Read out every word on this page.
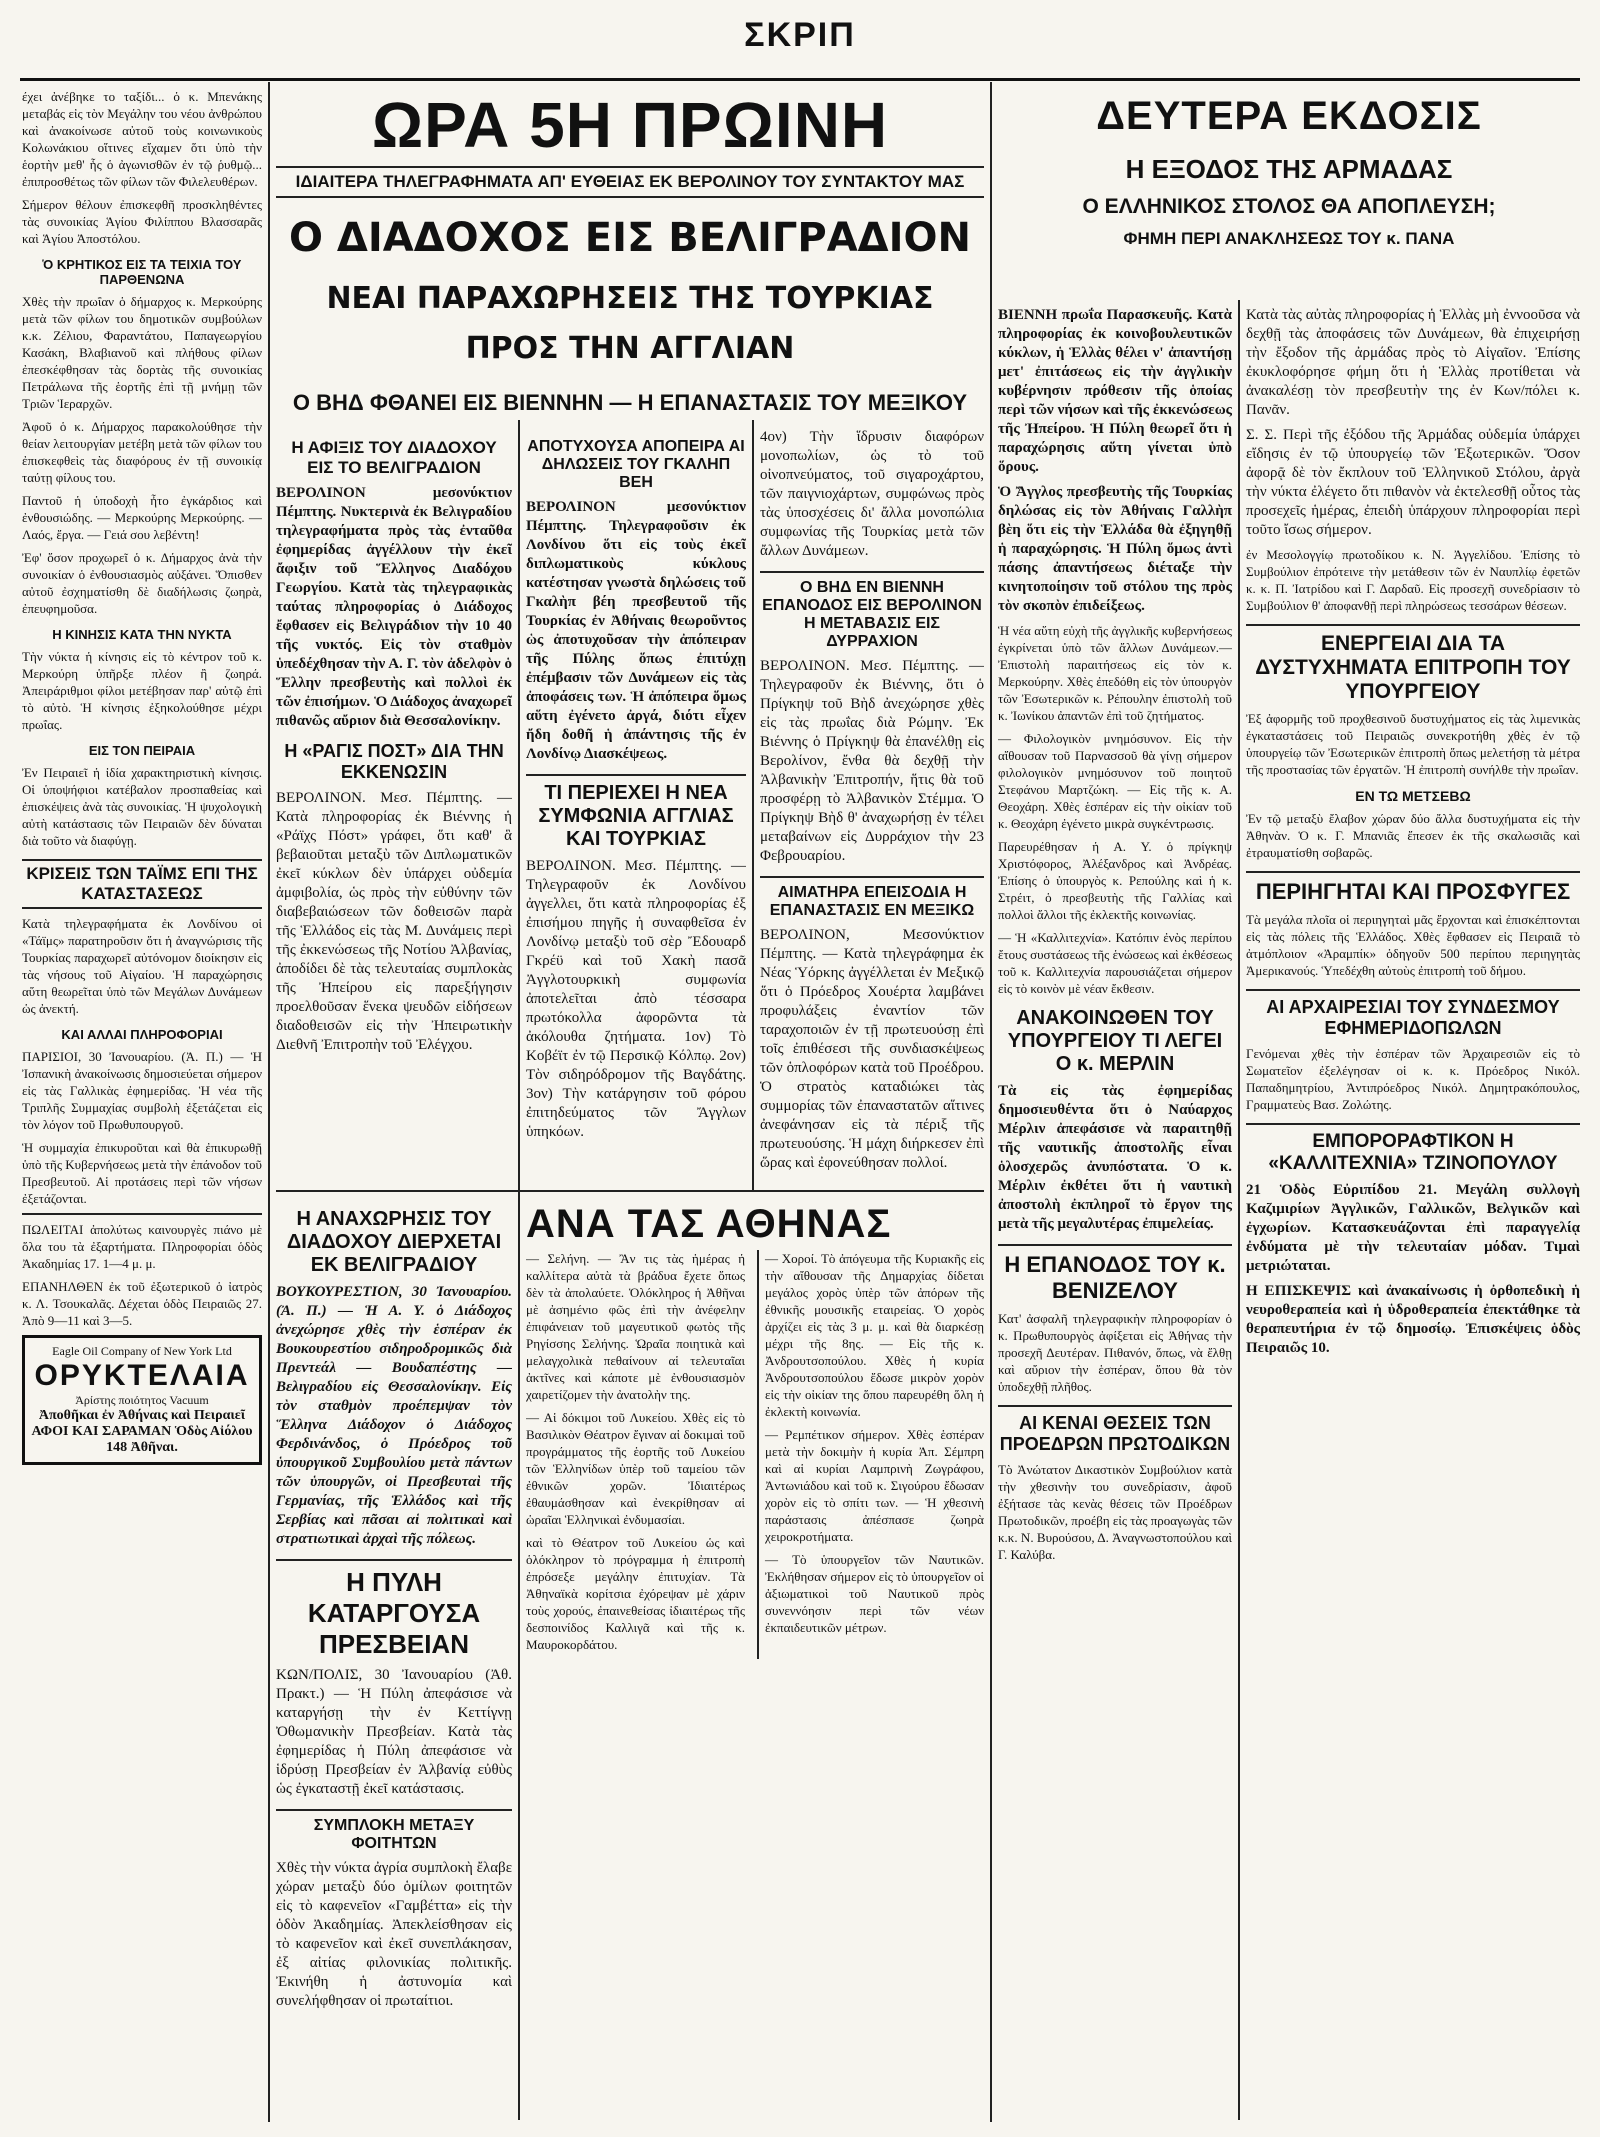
ΣΚΡΙΠ

έχει ἀνέβηκε το ταξίδι... ὁ κ. Μπενάκης μεταβάς εἰς τὸν Μεγάλην του νέου ἀνθρώπου καὶ ἀνακοίνωσε αὐτοῦ τοὺς κοινωνικοὺς Κολωνάκιου οἵτινες εἴχαμεν ὅτι ὑπὸ τὴν ἑορτὴν μεθ' ἧς ὁ ἀγωνισθῶν ἐν τῷ ῥυθμῷ... ἐπιπροσθέτως τῶν φίλων τῶν Φιλελευθέρων.

Σήμερον θέλουν ἐπισκεφθῆ προσκληθέντες τὰς συνοικίας Ἁγίου Φιλίππου Βλασσαρᾶς καὶ Ἁγίου Ἀποστόλου.

Ὁ ΚΡΗΤΙΚΟΣ ΕΙΣ ΤΑ ΤΕΙΧΙΑ ΤΟΥ ΠΑΡΘΕΝΩΝΑ

Χθὲς τὴν πρωΐαν ὁ δήμαρχος κ. Μερκούρης μετὰ τῶν φίλων του δημοτικῶν συμβούλων κ.κ. Ζέλιου, Φαραντάτου, Παπαγεωργίου Κασάκη, Βλαβιανοῦ καὶ πλήθους φίλων ἐπεσκέφθησαν τὰς δορτὰς τῆς συνοικίας Πετράλωνα τῆς ἑορτῆς ἐπὶ τῇ μνήμῃ τῶν Τριῶν Ἱεραρχῶν.

Ἀφοῦ ὁ κ. Δήμαρχος παρακολούθησε τὴν θείαν λειτουργίαν μετέβη μετὰ τῶν φίλων του ἐπισκεφθεὶς τὰς διαφόρους ἐν τῇ συνοικίᾳ ταύτῃ φίλους του.

Παντοῦ ἡ ὑποδοχὴ ἦτο ἐγκάρδιος καὶ ἐνθουσιώδης. — Μερκούρης Μερκούρης. — Λαός, ἔργα. — Γειά σου λεβέντη!

Ἐφ' ὅσον προχωρεῖ ὁ κ. Δήμαρχος ἀνὰ τὴν συνοικίαν ὁ ἐνθουσιασμὸς αὐξάνει. Ὅπισθεν αὐτοῦ ἐσχηματίσθη δὲ διαδήλωσις ζωηρὰ, ἐπευφημοῦσα.

Η ΚΙΝΗΣΙΣ ΚΑΤΑ ΤΗΝ ΝΥΚΤΑ

Τὴν νύκτα ἡ κίνησις εἰς τὸ κέντρον τοῦ κ. Μερκούρη ὑπῆρξε πλέον ἢ ζωηρά. Ἀπειράριθμοι φίλοι μετέβησαν παρ' αὐτῷ ἐπὶ τὸ αὐτὸ. Ἡ κίνησις ἐξηκολούθησε μέχρι πρωΐας.

ΕΙΣ ΤΟΝ ΠΕΙΡΑΙΑ

Ἐν Πειραιεῖ ἡ ἰδία χαρακτηριστικὴ κίνησις. Οἱ ὑποψήφιοι κατέβαλον προσπαθείας καὶ ἐπισκέψεις ἀνὰ τὰς συνοικίας. Ἡ ψυχολογικὴ αὐτὴ κατάστασις τῶν Πειραιῶν δὲν δύναται διὰ τοῦτο νὰ διαφύγῃ.

ΚΡΙΣΕΙΣ ΤΩΝ ΤΑΪΜΣ ΕΠΙ ΤΗΣ ΚΑΤΑΣΤΑΣΕΩΣ

Κατὰ τηλεγραφήματα ἐκ Λονδίνου οἱ «Τάϊμς» παρατηροῦσιν ὅτι ἡ ἀναγνώρισις τῆς Τουρκίας παραχωρεῖ αὐτόνομον διοίκησιν εἰς τὰς νήσους τοῦ Αἰγαίου. Ἡ παραχώρησις αὕτη θεωρεῖται ὑπὸ τῶν Μεγάλων Δυνάμεων ὡς ἀνεκτή.

ΚΑΙ ΑΛΛΑΙ ΠΛΗΡΟΦΟΡΙΑΙ

ΠΑΡΙΣΙΟΙ, 30 Ἰανουαρίου. (Ἀ. Π.) — Ἡ Ἰσπανικὴ ἀνακοίνωσις δημοσιεύεται σήμερον εἰς τὰς Γαλλικὰς ἐφημερίδας. Ἡ νέα τῆς Τριπλῆς Συμμαχίας συμβολὴ ἐξετάζεται εἰς τὸν λόγον τοῦ Πρωθυπουργοῦ.

Ἡ συμμαχία ἐπικυροῦται καὶ θὰ ἐπικυρωθῇ ὑπὸ τῆς Κυβερνήσεως μετὰ τὴν ἐπάνοδον τοῦ Πρεσβευτοῦ. Αἱ προτάσεις περὶ τῶν νήσων ἐξετάζονται.

ΠΩΛΕΙΤΑΙ ἀπολύτως καινουργὲς πιάνο μὲ ὅλα του τὰ ἐξαρτήματα. Πληροφορίαι ὁδὸς Ἀκαδημίας 17. 1—4 μ. μ.

ΕΠΑΝΗΛΘΕΝ ἐκ τοῦ ἐξωτερικοῦ ὁ ἰατρὸς κ. Λ. Τσουκαλᾶς. Δέχεται ὁδὸς Πειραιῶς 27. Ἀπὸ 9—11 καὶ 3—5.

Eagle Oil Company of New York Ltd
ΟΡΥΚΤΕΛΑΙΑ
Ἀρίστης ποιότητος Vacuum
Ἀποθῆκαι ἐν Ἀθήναις καὶ Πειραιεῖ
ΑΦΟΙ ΚΑΙ ΣΑΡΑΜΑΝ Ὁδὸς Αἰόλου 148 Ἀθῆναι.
ΩΡΑ 5Η ΠΡΩΙΝΗ
ΙΔΙΑΙΤΕΡΑ ΤΗΛΕΓΡΑΦΗΜΑΤΑ ΑΠ' ΕΥΘΕΙΑΣ ΕΚ ΒΕΡΟΛΙΝΟΥ ΤΟΥ ΣΥΝΤΑΚΤΟΥ ΜΑΣ
Ο ΔΙΑΔΟΧΟΣ ΕΙΣ ΒΕΛΙΓΡΑΔΙΟΝ
ΝΕΑΙ ΠΑΡΑΧΩΡΗΣΕΙΣ ΤΗΣ ΤΟΥΡΚΙΑΣ ΠΡΟΣ ΤΗΝ ΑΓΓΛΙΑΝ
Ο ΒΗΔ ΦΘΑΝΕΙ ΕΙΣ ΒΙΕΝΝΗΝ — Η ΕΠΑΝΑΣΤΑΣΙΣ ΤΟΥ ΜΕΞΙΚΟΥ
Η ΑΦΙΞΙΣ ΤΟΥ ΔΙΑΔΟΧΟΥ ΕΙΣ ΤΟ ΒΕΛΙΓΡΑΔΙΟΝ

ΒΕΡΟΛΙΝΟΝ μεσονύκτιον Πέμπτης. Νυκτερινὰ ἐκ Βελιγραδίου τηλεγραφήματα πρὸς τὰς ἐνταῦθα ἐφημερίδας ἀγγέλλουν τὴν ἐκεῖ ἄφιξιν τοῦ Ἕλληνος Διαδόχου Γεωργίου. Κατὰ τὰς τηλεγραφικὰς ταύτας πληροφορίας ὁ Διάδοχος ἔφθασεν εἰς Βελιγράδιον τὴν 10 40 τῆς νυκτός. Εἰς τὸν σταθμὸν ὑπεδέχθησαν τὴν Α. Γ. τὸν ἀδελφὸν ὁ Ἕλλην πρεσβευτὴς καὶ πολλοὶ ἐκ τῶν ἐπισήμων. Ὁ Διάδοχος ἀναχωρεῖ πιθανῶς αὔριον διὰ Θεσσαλονίκην.

Η «ΡΑΓΙΣ ΠΟΣΤ» ΔΙΑ ΤΗΝ ΕΚΚΕΝΩΣΙΝ

ΒΕΡΟΛΙΝΟΝ. Μεσ. Πέμπτης. — Κατὰ πληροφορίας ἐκ Βιέννης ἡ «Ράϊχς Πόστ» γράφει, ὅτι καθ' ἃ βεβαιοῦται μεταξὺ τῶν Διπλωματικῶν ἐκεῖ κύκλων δὲν ὑπάρχει οὐδεμία ἀμφιβολία, ὡς πρὸς τὴν εὐθύνην τῶν διαβεβαιώσεων τῶν δοθεισῶν παρὰ τῆς Ἑλλάδος εἰς τὰς Μ. Δυνάμεις περὶ τῆς ἐκκενώσεως τῆς Νοτίου Ἀλβανίας, ἀποδίδει δὲ τὰς τελευταίας συμπλοκὰς τῆς Ἠπείρου εἰς παρεξήγησιν προελθοῦσαν ἕνεκα ψευδῶν εἰδήσεων διαδοθεισῶν εἰς τὴν Ἠπειρωτικὴν Διεθνῆ Ἐπιτροπὴν τοῦ Ἐλέγχου.

ΑΠΟΤΥΧΟΥΣΑ ΑΠΟΠΕΙΡΑ ΑΙ ΔΗΛΩΣΕΙΣ ΤΟΥ ΓΚΑΛΗΠ ΒΕΗ

ΒΕΡΟΛΙΝΟΝ μεσονύκτιον Πέμπτης. Τηλεγραφοῦσιν ἐκ Λονδίνου ὅτι εἰς τοὺς ἐκεῖ διπλωματικοὺς κύκλους κατέστησαν γνωστὰ δηλώσεις τοῦ Γκαλὴπ βέη πρεσβευτοῦ τῆς Τουρκίας ἐν Ἀθήναις θεωροῦντος ὡς ἀποτυχοῦσαν τὴν ἀπόπειραν τῆς Πύλης ὅπως ἐπιτύχῃ ἐπέμβασιν τῶν Δυνάμεων εἰς τὰς ἀποφάσεις των. Ἡ ἀπόπειρα ὅμως αὕτη ἐγένετο ἀργά, διότι εἶχεν ἤδη δοθῆ ἡ ἀπάντησις τῆς ἐν Λονδίνῳ Διασκέψεως.

ΤΙ ΠΕΡΙΕΧΕΙ Η ΝΕΑ ΣΥΜΦΩΝΙΑ ΑΓΓΛΙΑΣ ΚΑΙ ΤΟΥΡΚΙΑΣ

ΒΕΡΟΛΙΝΟΝ. Μεσ. Πέμπτης. — Τηλεγραφοῦν ἐκ Λονδίνου ἀγγελλει, ὅτι κατὰ πληροφορίας ἐξ ἐπισήμου πηγῆς ἡ συναφθεῖσα ἐν Λονδίνῳ μεταξὺ τοῦ σὲρ Ἔδουαρδ Γκρέϋ καὶ τοῦ Χακὴ πασᾶ Ἀγγλοτουρκικὴ συμφωνία ἀποτελεῖται ἀπὸ τέσσαρα πρωτόκολλα ἀφορῶντα τὰ ἀκόλουθα ζητήματα. 1ον) Τὸ Κοβέϊτ ἐν τῷ Περσικῷ Κόλπῳ. 2ον) Τὸν σιδηρόδρομον τῆς Βαγδάτης. 3ον) Τὴν κατάργησιν τοῦ φόρου ἐπιτηδεύματος τῶν Ἄγγλων ὑπηκόων.

4ον) Τὴν ἵδρυσιν διαφόρων μονοπωλίων, ὡς τὸ τοῦ οἰνοπνεύματος, τοῦ σιγαροχάρτου, τῶν παιγνιοχάρτων, συμφώνως πρὸς τὰς ὑποσχέσεις δι' ἄλλα μονοπώλια συμφωνίας τῆς Τουρκίας μετὰ τῶν ἄλλων Δυνάμεων.

Ο ΒΗΔ ΕΝ ΒΙΕΝΝΗ ΕΠΑΝΟΔΟΣ ΕΙΣ ΒΕΡΟΛΙΝΟΝ Η ΜΕΤΑΒΑΣΙΣ ΕΙΣ ΔΥΡΡΑΧΙΟΝ

ΒΕΡΟΛΙΝΟΝ. Μεσ. Πέμπτης. — Τηλεγραφοῦν ἐκ Βιέννης, ὅτι ὁ Πρίγκηψ τοῦ Βὴδ ἀνεχώρησε χθὲς εἰς τὰς πρωΐας διὰ Ρώμην. Ἐκ Βιέννης ὁ Πρίγκηψ θὰ ἐπανέλθῃ εἰς Βερολίνον, ἔνθα θὰ δεχθῇ τὴν Ἀλβανικὴν Ἐπιτροπήν, ἥτις θὰ τοῦ προσφέρῃ τὸ Ἀλβανικὸν Στέμμα. Ὁ Πρίγκηψ Βὴδ θ' ἀναχωρήσῃ ἐν τέλει μεταβαίνων εἰς Δυρράχιον τὴν 23 Φεβρουαρίου.

ΑΙΜΑΤΗΡΑ ΕΠΕΙΣΟΔΙΑ Η ΕΠΑΝΑΣΤΑΣΙΣ ΕΝ ΜΕΞΙΚΩ

ΒΕΡΟΛΙΝΟΝ, Μεσονύκτιον Πέμπτης. — Κατὰ τηλεγράφημα ἐκ Νέας Ὑόρκης ἀγγέλλεται ἐν Μεξικῷ ὅτι ὁ Πρόεδρος Χουέρτα λαμβάνει προφυλάξεις ἐναντίον τῶν ταραχοποιῶν ἐν τῇ πρωτευούσῃ ἐπὶ τοῖς ἐπιθέσεσι τῆς συνδιασκέψεως τῶν ὁπλοφόρων κατὰ τοῦ Προέδρου. Ὁ στρατὸς καταδιώκει τὰς συμμορίας τῶν ἐπαναστατῶν αἵτινες ἀνεφάνησαν εἰς τὰ πέριξ τῆς πρωτευούσης. Ἡ μάχη διήρκεσεν ἐπὶ ὥρας καὶ ἐφονεύθησαν πολλοί.

Η ΑΝΑΧΩΡΗΣΙΣ ΤΟΥ ΔΙΑΔΟΧΟΥ ΔΙΕΡΧΕΤΑΙ ΕΚ ΒΕΛΙΓΡΑΔΙΟΥ

ΒΟΥΚΟΥΡΕΣΤΙΟΝ, 30 Ἰανουαρίου. (Ἀ. Π.) — Ἡ Α. Υ. ὁ Διάδοχος ἀνεχώρησε χθὲς τὴν ἑσπέραν ἐκ Βουκουρεστίου σιδηροδρομικῶς διὰ Πρεντεάλ — Βουδαπέστης — Βελιγραδίου εἰς Θεσσαλονίκην. Εἰς τὸν σταθμὸν προέπεμψαν τὸν Ἕλληνα Διάδοχον ὁ Διάδοχος Φερδινάνδος, ὁ Πρόεδρος τοῦ ὑπουργικοῦ Συμβουλίου μετὰ πάντων τῶν ὑπουργῶν, οἱ Πρεσβευταὶ τῆς Γερμανίας, τῆς Ἑλλάδος καὶ τῆς Σερβίας καὶ πᾶσαι αἱ πολιτικαὶ καὶ στρατιωτικαὶ ἀρχαὶ τῆς πόλεως.

Η ΠΥΛΗ ΚΑΤΑΡΓΟΥΣΑ ΠΡΕΣΒΕΙΑΝ

ΚΩΝ/ΠΟΛΙΣ, 30 Ἰανουαρίου (Ἀθ. Πρακτ.) — Ἡ Πύλη ἀπεφάσισε νὰ καταργήσῃ τὴν ἐν Κεττίγνῃ Ὀθωμανικὴν Πρεσβείαν. Κατὰ τὰς ἐφημερίδας ἡ Πύλη ἀπεφάσισε νὰ ἱδρύσῃ Πρεσβείαν ἐν Ἀλβανίᾳ εὐθὺς ὡς ἐγκαταστῇ ἐκεῖ κατάστασις.

ΣΥΜΠΛΟΚΗ ΜΕΤΑΞΥ ΦΟΙΤΗΤΩΝ

Χθὲς τὴν νύκτα ἀγρία συμπλοκὴ ἔλαβε χώραν μεταξὺ δύο ὁμίλων φοιτητῶν εἰς τὸ καφενεῖον «Γαμβέττα» εἰς τὴν ὁδὸν Ἀκαδημίας. Ἀπεκλείσθησαν εἰς τὸ καφενεῖον καὶ ἐκεῖ συνεπλάκησαν, ἐξ αἰτίας φιλονικίας πολιτικῆς. Ἐκινήθη ἡ ἀστυνομία καὶ συνελήφθησαν οἱ πρωταίτιοι.

ΑΝΑ ΤΑΣ ΑΘΗΝΑΣ

— Σελήνη. — Ἂν τις τὰς ἡμέρας ἡ καλλίτερα αὐτὰ τὰ βράδυα ἔχετε ὅπως δὲν τὰ ἀπολαύετε. Ὁλόκληρος ἡ Ἀθῆναι μὲ ἀσημένιο φῶς ἐπὶ τὴν ἀνέφελην ἐπιφάνειαν τοῦ μαγευτικοῦ φωτὸς τῆς Ρηγίσσης Σελήνης. Ὡραῖα ποιητικὰ καὶ μελαγχολικὰ πεθαίνουν αἱ τελευταῖαι ἀκτῖνες καὶ κάποτε μὲ ἐνθουσιασμὸν χαιρετίζομεν τὴν ἀνατολὴν της.

— Αἱ δόκιμοι τοῦ Λυκείου. Χθὲς εἰς τὸ Βασιλικὸν Θέατρον ἔγιναν αἱ δοκιμαὶ τοῦ προγράμματος τῆς ἑορτῆς τοῦ Λυκείου τῶν Ἑλληνίδων ὑπὲρ τοῦ ταμείου τῶν ἐθνικῶν χορῶν. Ἰδιαιτέρως ἐθαυμάσθησαν καὶ ἐνεκρίθησαν αἱ ὡραῖαι Ἑλληνικαὶ ἐνδυμασίαι.

καὶ τὸ Θέατρον τοῦ Λυκείου ὡς καὶ ὁλόκληρον τὸ πρόγραμμα ἡ ἐπιτροπὴ ἐπρόσεξε μεγάλην ἐπιτυχίαν. Τὰ Ἀθηναϊκὰ κορίτσια ἐχόρεψαν μὲ χάριν τοὺς χορούς, ἐπαινεθείσας ἰδιαιτέρως τῆς δεσποινίδος Καλλιγᾶ καὶ τῆς κ. Μαυροκορδάτου.

— Χοροί. Τὸ ἀπόγευμα τῆς Κυριακῆς εἰς τὴν αἴθουσαν τῆς Δημαρχίας δίδεται μεγάλος χορὸς ὑπὲρ τῶν ἀπόρων τῆς ἐθνικῆς μουσικῆς εταιρείας. Ὁ χορὸς ἀρχίζει εἰς τὰς 3 μ. μ. καὶ θὰ διαρκέσῃ μέχρι τῆς 8ης. — Εἰς τῆς κ. Ἀνδρουτσοπούλου. Χθὲς ἡ κυρία Ἀνδρουτσοπούλου ἔδωσε μικρὸν χορὸν εἰς τὴν οἰκίαν της ὅπου παρευρέθη ὅλη ἡ ἐκλεκτὴ κοινωνία.

— Ρεμπέτικον σήμερον. Χθὲς ἑσπέραν μετὰ τὴν δοκιμὴν ἡ κυρία Ἀπ. Σέμπρη καὶ αἱ κυρίαι Λαμπρινὴ Ζωγράφου, Ἀντωνιάδου καὶ τοῦ κ. Σιγούρου ἔδωσαν χορὸν εἰς τὸ σπίτι των. — Ἡ χθεσινὴ παράστασις ἀπέσπασε ζωηρὰ χειροκροτήματα.

— Τὸ ὑπουργεῖον τῶν Ναυτικῶν. Ἐκλήθησαν σήμερον εἰς τὸ ὑπουργεῖον οἱ ἀξιωματικοὶ τοῦ Ναυτικοῦ πρὸς συνεννόησιν περὶ τῶν νέων ἐκπαιδευτικῶν μέτρων.

ΔΕΥΤΕΡΑ ΕΚΔΟΣΙΣ
Η ΕΞΟΔΟΣ ΤΗΣ ΑΡΜΑΔΑΣ
Ο ΕΛΛΗΝΙΚΟΣ ΣΤΟΛΟΣ ΘΑ ΑΠΟΠΛΕΥΣΗ;
ΦΗΜΗ ΠΕΡΙ ΑΝΑΚΛΗΣΕΩΣ ΤΟΥ κ. ΠΑΝΑ

ΒΙΕΝΝΗ πρωΐα Παρασκευῆς. Κατὰ πληροφορίας ἐκ κοινοβουλευτικῶν κύκλων, ἡ Ἑλλὰς θέλει ν' ἀπαντήσῃ μετ' ἐπιτάσεως εἰς τὴν ἀγγλικὴν κυβέρνησιν πρόθεσιν τῆς ὁποίας περὶ τῶν νήσων καὶ τῆς ἐκκενώσεως τῆς Ἠπείρου. Ἡ Πύλη θεωρεῖ ὅτι ἡ παραχώρησις αὕτη γίνεται ὑπὸ ὅρους.

Ὁ Ἄγγλος πρεσβευτὴς τῆς Τουρκίας δηλώσας εἰς τὸν Ἀθήναις Γαλλὴπ βὲη ὅτι εἰς τὴν Ἑλλάδα θὰ ἐξηγηθῇ ἡ παραχώρησις. Ἡ Πύλη ὅμως ἀντὶ πάσης ἀπαντήσεως διέταξε τὴν κινητοποίησιν τοῦ στόλου της πρὸς τὸν σκοπὸν ἐπιδείξεως.

Ἡ νέα αὕτη εὐχὴ τῆς ἀγγλικῆς κυβερνήσεως ἐγκρίνεται ὑπὸ τῶν ἄλλων Δυνάμεων.— Ἐπιστολὴ παραιτήσεως εἰς τὸν κ. Μερκούρην. Χθὲς ἐπεδόθη εἰς τὸν ὑπουργὸν τῶν Ἐσωτερικῶν κ. Ρέπουλην ἐπιστολὴ τοῦ κ. Ἰωνίκου ἀπαντῶν ἐπὶ τοῦ ζητήματος.

— Φιλολογικὸν μνημόσυνον. Εἰς τὴν αἴθουσαν τοῦ Παρνασσοῦ θὰ γίνῃ σήμερον φιλολογικὸν μνημόσυνον τοῦ ποιητοῦ Στεφάνου Μαρτζώκη. — Εἰς τῆς κ. Α. Θεοχάρη. Χθὲς ἑσπέραν εἰς τὴν οἰκίαν τοῦ κ. Θεοχάρη ἐγένετο μικρὰ συγκέντρωσις.

Παρευρέθησαν ἡ Α. Υ. ὁ πρίγκηψ Χριστόφορος, Ἀλέξανδρος καὶ Ἀνδρέας. Ἐπίσης ὁ ὑπουργὸς κ. Ρεπούλης καὶ ἡ κ. Στρέιτ, ὁ πρεσβευτὴς τῆς Γαλλίας καὶ πολλοὶ ἄλλοι τῆς ἐκλεκτῆς κοινωνίας.

— Ἡ «Καλλιτεχνία». Κατόπιν ἐνὸς περίπου ἔτους συστάσεως τῆς ἑνώσεως καὶ ἐκθέσεως τοῦ κ. Καλλιτεχνία παρουσιάζεται σήμερον εἰς τὸ κοινὸν μὲ νέαν ἔκθεσιν.

ΑΝΑΚΟΙΝΩΘΕΝ ΤΟΥ ΥΠΟΥΡΓΕΙΟΥ ΤΙ ΛΕΓΕΙ Ο κ. ΜΕΡΛΙΝ

Τὰ εἰς τὰς ἐφημερίδας δημοσιευθέντα ὅτι ὁ Ναύαρχος Μέρλιν ἀπεφάσισε νὰ παραιτηθῇ τῆς ναυτικῆς ἀποστολῆς εἶναι ὁλοσχερῶς ἀνυπόστατα. Ὁ κ. Μέρλιν ἐκθέτει ὅτι ἡ ναυτικὴ ἀποστολὴ ἐκπληροῖ τὸ ἔργον της μετὰ τῆς μεγαλυτέρας ἐπιμελείας.

Η ΕΠΑΝΟΔΟΣ ΤΟΥ κ. ΒΕΝΙΖΕΛΟΥ

Κατ' ἀσφαλῆ τηλεγραφικὴν πληροφορίαν ὁ κ. Πρωθυπουργὸς ἀφίξεται εἰς Ἀθήνας τὴν προσεχῆ Δευτέραν. Πιθανόν, ὅπως, νὰ ἔλθῃ καὶ αὔριον τὴν ἑσπέραν, ὅπου θὰ τὸν ὑποδεχθῇ πλῆθος.

ΑΙ ΚΕΝΑΙ ΘΕΣΕΙΣ ΤΩΝ ΠΡΟΕΔΡΩΝ ΠΡΩΤΟΔΙΚΩΝ

Τὸ Ἀνώτατον Δικαστικὸν Συμβούλιον κατὰ τὴν χθεσινὴν του συνεδρίασιν, ἀφοῦ ἐξήτασε τὰς κενὰς θέσεις τῶν Προέδρων Πρωτοδικῶν, προέβη εἰς τὰς προαγωγὰς τῶν κ.κ. Ν. Βυρούσου, Δ. Ἀναγνωστοπούλου καὶ Γ. Καλύβα.

Κατὰ τὰς αὐτὰς πληροφορίας ἡ Ἑλλὰς μὴ ἐννοοῦσα νὰ δεχθῇ τὰς ἀποφάσεις τῶν Δυνάμεων, θὰ ἐπιχειρήσῃ τὴν ἔξοδον τῆς ἀρμάδας πρὸς τὸ Αἰγαῖον. Ἐπίσης ἐκυκλοφόρησε φήμη ὅτι ἡ Ἑλλὰς προτίθεται νὰ ἀνακαλέσῃ τὸν πρεσβευτὴν της ἐν Κων/πόλει κ. Πανᾶν.

Σ. Σ. Περὶ τῆς ἐξόδου τῆς Ἀρμάδας οὐδεμία ὑπάρχει εἴδησις ἐν τῷ ὑπουργείῳ τῶν Ἐξωτερικῶν. Ὅσον ἀφορᾷ δὲ τὸν ἔκπλουν τοῦ Ἑλληνικοῦ Στόλου, ἀργὰ τὴν νύκτα ἐλέγετο ὅτι πιθανὸν νὰ ἐκτελεσθῇ οὗτος τὰς προσεχεῖς ἡμέρας, ἐπειδὴ ὑπάρχουν πληροφορίαι περὶ τοῦτο ἴσως σήμερον.

ἐν Μεσολογγίῳ πρωτοδίκου κ. Ν. Ἀγγελίδου. Ἐπίσης τὸ Συμβούλιον ἐπρότεινε τὴν μετάθεσιν τῶν ἐν Ναυπλίῳ ἐφετῶν κ. κ. Π. Ἰατρίδου καὶ Γ. Δαρδαῦ. Εἰς προσεχῆ συνεδρίασιν τὸ Συμβούλιον θ' ἀποφανθῇ περὶ πληρώσεως τεσσάρων θέσεων.

ΕΝΕΡΓΕΙΑΙ ΔΙΑ ΤΑ ΔΥΣΤΥΧΗΜΑΤΑ ΕΠΙΤΡΟΠΗ ΤΟΥ ΥΠΟΥΡΓΕΙΟΥ

Ἐξ ἀφορμῆς τοῦ προχθεσινοῦ δυστυχήματος εἰς τὰς λιμενικὰς ἐγκαταστάσεις τοῦ Πειραιῶς συνεκροτήθη χθὲς ἐν τῷ ὑπουργείῳ τῶν Ἐσωτερικῶν ἐπιτροπὴ ὅπως μελετήσῃ τὰ μέτρα τῆς προστασίας τῶν ἐργατῶν. Ἡ ἐπιτροπὴ συνήλθε τὴν πρωΐαν.

ΕΝ ΤΩ ΜΕΤΣΕΒΩ

Ἐν τῷ μεταξὺ ἔλαβον χώραν δύο ἄλλα δυστυχήματα εἰς τὴν Ἀθηνὰν. Ὁ κ. Γ. Μπανιᾶς ἔπεσεν ἐκ τῆς σκαλωσιᾶς καὶ ἐτραυματίσθη σοβαρῶς.

ΠΕΡΙΗΓΗΤΑΙ ΚΑΙ ΠΡΟΣΦΥΓΕΣ

Τὰ μεγάλα πλοῖα οἱ περιηγηταὶ μᾶς ἔρχονται καὶ ἐπισκέπτονται εἰς τὰς πόλεις τῆς Ἑλλάδος. Χθὲς ἔφθασεν εἰς Πειραιᾶ τὸ ἀτμόπλοιον «Ἀραμπίκ» ὁδηγοῦν 500 περίπου περιηγητὰς Ἀμερικανούς. Ὑπεδέχθη αὐτοὺς ἐπιτροπὴ τοῦ δήμου.

ΑΙ ΑΡΧΑΙΡΕΣΙΑΙ ΤΟΥ ΣΥΝΔΕΣΜΟΥ ΕΦΗΜΕΡΙΔΟΠΩΛΩΝ

Γενόμεναι χθὲς τὴν ἑσπέραν τῶν Ἀρχαιρεσιῶν εἰς τὸ Σωματεῖον ἐξελέγησαν οἱ κ. κ. Πρόεδρος Νικόλ. Παπαδημητρίου, Ἀντιπρόεδρος Νικόλ. Δημητρακόπουλος, Γραμματεὺς Βασ. Ζολώτης.

ΕΜΠΟΡΟΡΑΦΤΙΚΟΝ Η «ΚΑΛΛΙΤΕΧΝΙΑ» ΤΖΙΝΟΠΟΥΛΟΥ

21 Ὁδὸς Εὐριπίδου 21. Μεγάλη συλλογὴ Καζιμιρίων Ἀγγλικῶν, Γαλλικῶν, Βελγικῶν καὶ ἐγχωρίων. Κατασκευάζονται ἐπὶ παραγγελίᾳ ἐνδύματα μὲ τὴν τελευταίαν μόδαν. Τιμαὶ μετριώταται.

Η ΕΠΙΣΚΕΨΙΣ καὶ ἀνακαίνωσις ἡ ὀρθοπεδικὴ ἡ νευροθεραπεία καὶ ἡ ὑδροθεραπεία ἐπεκτάθηκε τὰ θεραπευτήρια ἐν τῷ δημοσίῳ. Ἐπισκέψεις ὁδὸς Πειραιῶς 10.
